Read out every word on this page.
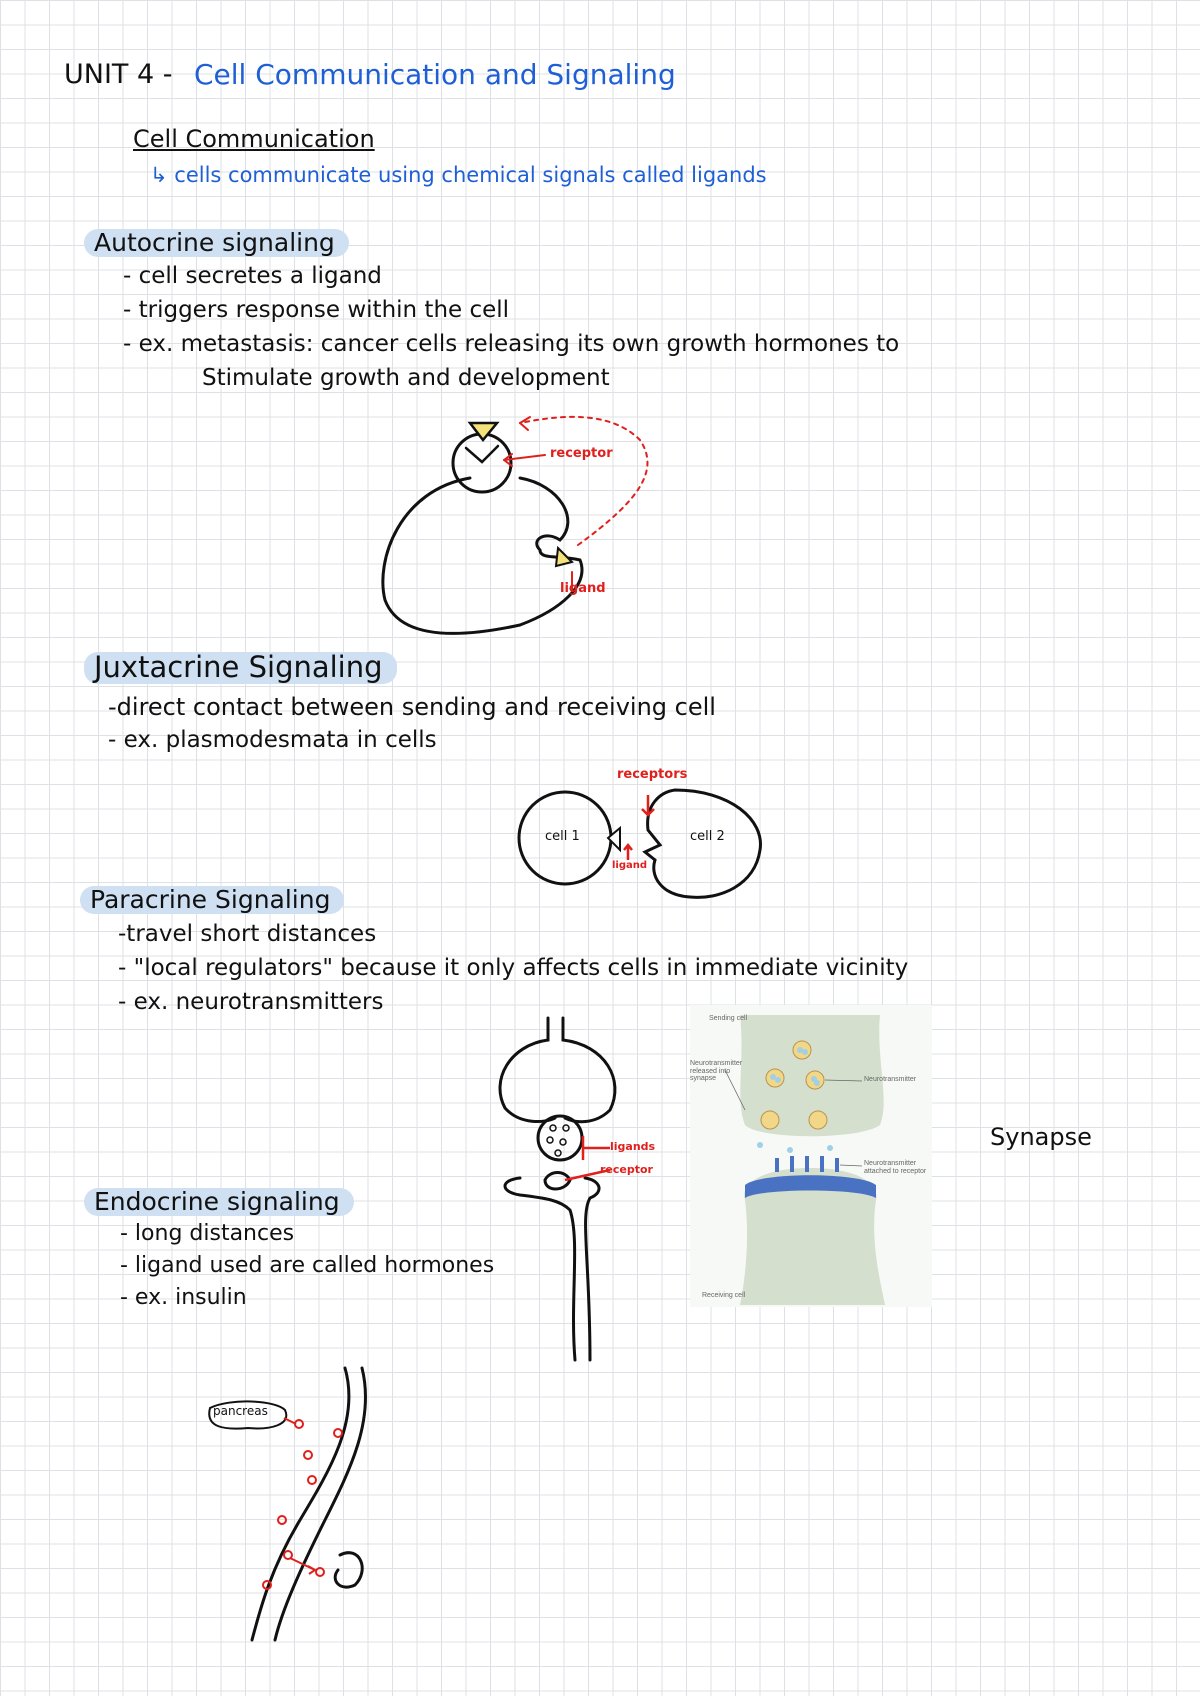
UNIT 4 - Cell Communication and Signaling
Cell Communication
↳ cells communicate using chemical signals called ligands
Autocrine signaling
- cell secretes a ligand
- triggers response within the cell
- ex. metastasis: cancer cells releasing its own growth hormones to
Stimulate growth and development
Juxtacrine Signaling
-direct contact between sending and receiving cell
- ex. plasmodesmata in cells
Paracrine Signaling
-travel short distances
- "local regulators" because it only affects cells in immediate vicinity
- ex. neurotransmitters
Synapse
Endocrine signaling
- long distances
- ligand used are called hormones
- ex. insulin
receptor
ligand
cell 1	cell 2
receptors
ligand
ligands
receptor
Sending cell
Neurotransmitter released into synapse	Neurotransmitter
Neurotransmitter attached to receptor
Receiving cell
pancreas
